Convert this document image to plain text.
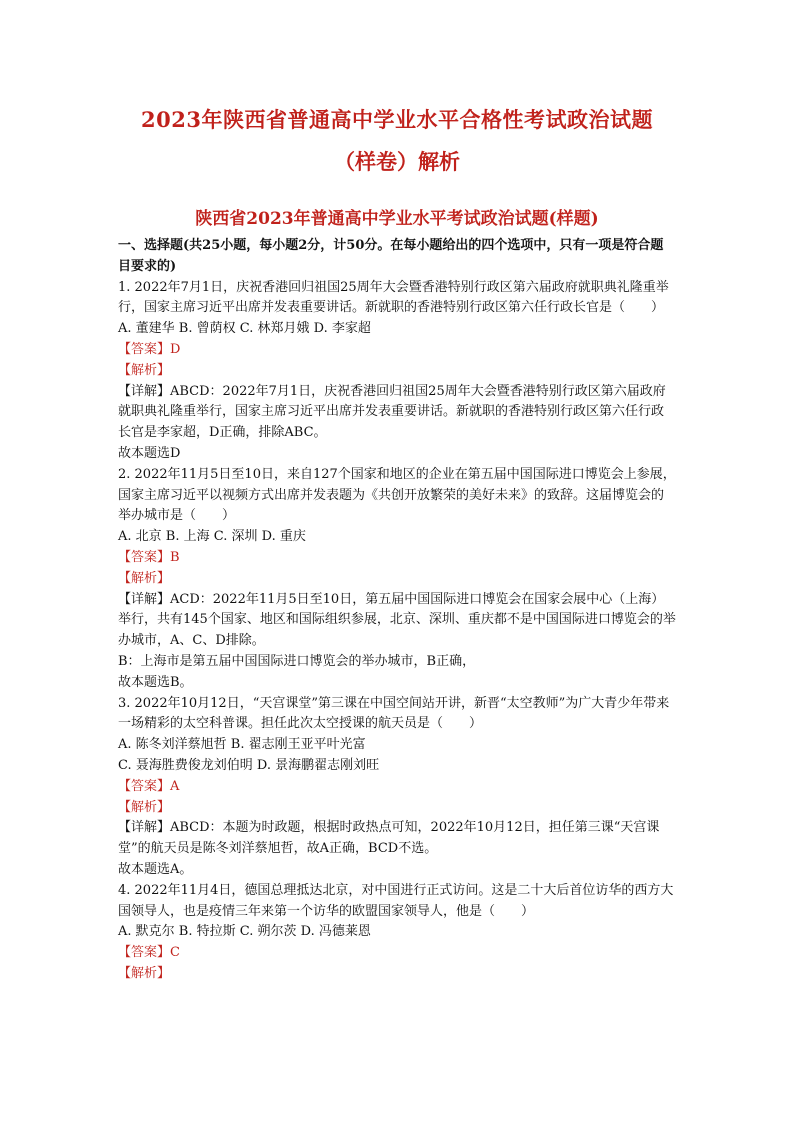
2023年陕西省普通高中学业水平合格性考试政治试题
（样卷）解析
陕西省2023年普通高中学业水平考试政治试题(样题)

一、选择题(共25小题，每小题2分，计50分。在每小题给出的四个选项中，只有一项是符合题目要求的)

1. 2022年7月1日，庆祝香港回归祖国25周年大会暨香港特别行政区第六届政府就职典礼隆重举行，国家主席习近平出席并发表重要讲话。新就职的香港特别行政区第六任行政长官是（　　）

A. 董建华 B. 曾荫权 C. 林郑月娥 D. 李家超

【答案】D

【解析】

【详解】ABCD：2022年7月1日，庆祝香港回归祖国25周年大会暨香港特别行政区第六届政府就职典礼隆重举行，国家主席习近平出席并发表重要讲话。新就职的香港特别行政区第六任行政长官是李家超，D正确，排除ABC。

故本题选D

2. 2022年11月5日至10日，来自127个国家和地区的企业在第五届中国国际进口博览会上参展，国家主席习近平以视频方式出席并发表题为《共创开放繁荣的美好未来》的致辞。这届博览会的举办城市是（　　）

A. 北京 B. 上海 C. 深圳 D. 重庆

【答案】B

【解析】

【详解】ACD：2022年11月5日至10日，第五届中国国际进口博览会在国家会展中心（上海）举行，共有145个国家、地区和国际组织参展，北京、深圳、重庆都不是中国国际进口博览会的举办城市，A、C、D排除。

B：上海市是第五届中国国际进口博览会的举办城市，B正确，

故本题选B。

3. 2022年10月12日，“天宫课堂”第三课在中国空间站开讲，新晋“太空教师”为广大青少年带来一场精彩的太空科普课。担任此次太空授课的航天员是（　　）

A. 陈冬刘洋蔡旭哲 B. 翟志刚王亚平叶光富

C. 聂海胜费俊龙刘伯明 D. 景海鹏翟志刚刘旺

【答案】A

【解析】

【详解】ABCD：本题为时政题，根据时政热点可知，2022年10月12日，担任第三课“天宫课堂”的航天员是陈冬刘洋蔡旭哲，故A正确，BCD不选。

故本题选A。

4. 2022年11月4日，德国总理抵达北京，对中国进行正式访问。这是二十大后首位访华的西方大国领导人，也是疫情三年来第一个访华的欧盟国家领导人，他是（　　）

A. 默克尔 B. 特拉斯 C. 朔尔茨 D. 冯德莱恩

【答案】C

【解析】
